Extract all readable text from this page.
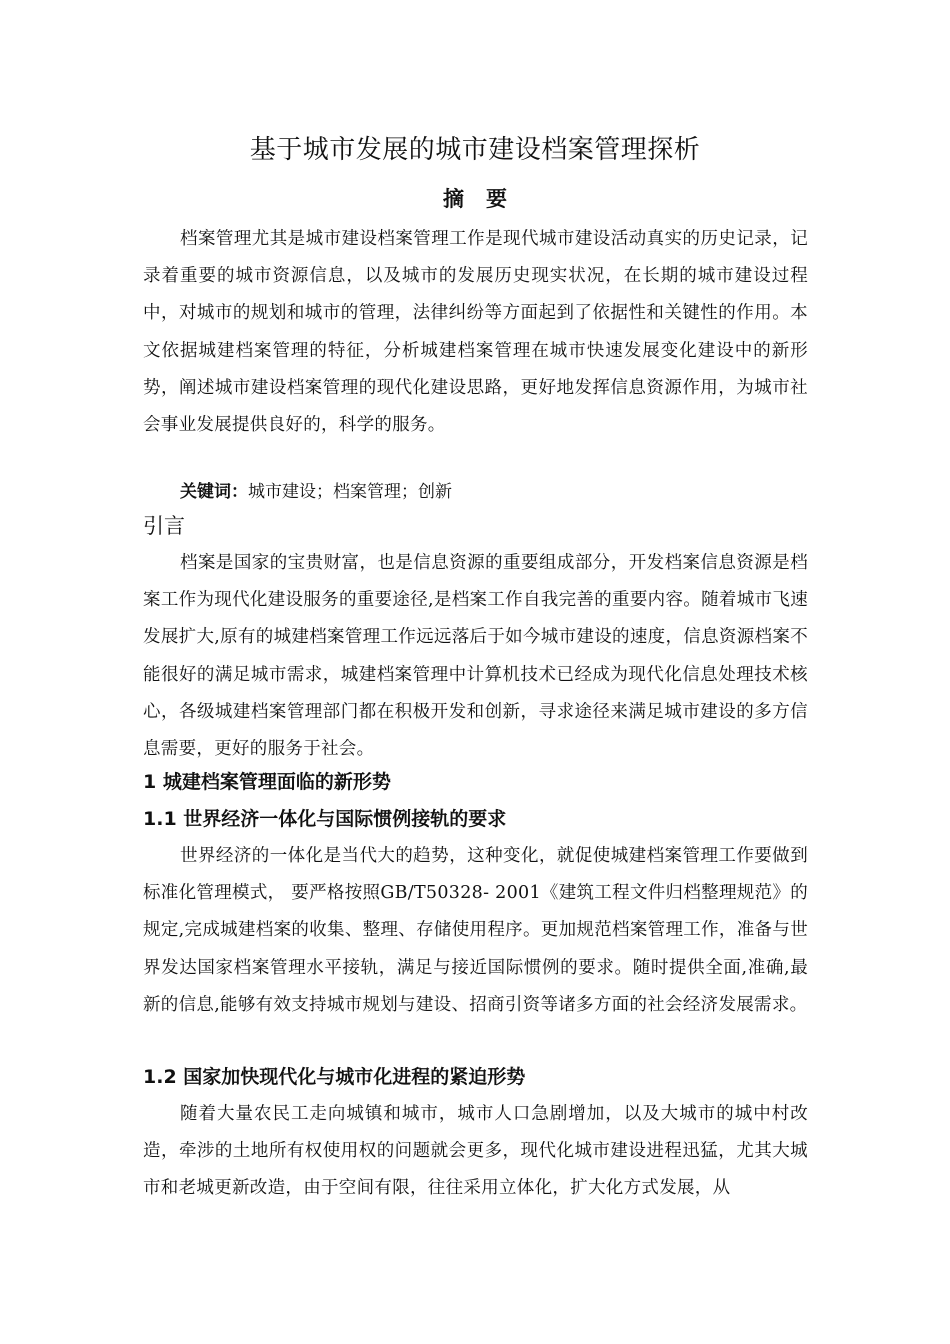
基于城市发展的城市建设档案管理探析
摘要

档案管理尤其是城市建设档案管理工作是现代城市建设活动真实的历史记录，记录着重要的城市资源信息，以及城市的发展历史现实状况，在长期的城市建设过程中，对城市的规划和城市的管理，法律纠纷等方面起到了依据性和关键性的作用。本文依据城建档案管理的特征，分析城建档案管理在城市快速发展变化建设中的新形势，阐述城市建设档案管理的现代化建设思路，更好地发挥信息资源作用，为城市社会事业发展提供良好的，科学的服务。

关键词：城市建设；档案管理；创新
引言

档案是国家的宝贵财富，也是信息资源的重要组成部分，开发档案信息资源是档案工作为现代化建设服务的重要途径,是档案工作自我完善的重要内容。随着城市飞速发展扩大,原有的城建档案管理工作远远落后于如今城市建设的速度，信息资源档案不能很好的满足城市需求，城建档案管理中计算机技术已经成为现代化信息处理技术核心，各级城建档案管理部门都在积极开发和创新，寻求途径来满足城市建设的多方信息需要，更好的服务于社会。

1 城建档案管理面临的新形势
1.1 世界经济一体化与国际惯例接轨的要求

世界经济的一体化是当代大的趋势，这种变化，就促使城建档案管理工作要做到标准化管理模式， 要严格按照GB/T50328- 2001《建筑工程文件归档整理规范》的规定,完成城建档案的收集、整理、存储使用程序。更加规范档案管理工作，准备与世界发达国家档案管理水平接轨，满足与接近国际惯例的要求。随时提供全面,准确,最新的信息,能够有效支持城市规划与建设、招商引资等诸多方面的社会经济发展需求。

1.2 国家加快现代化与城市化进程的紧迫形势

随着大量农民工走向城镇和城市，城市人口急剧增加，以及大城市的城中村改造，牵涉的土地所有权使用权的问题就会更多，现代化城市建设进程迅猛，尤其大城市和老城更新改造，由于空间有限，往往采用立体化，扩大化方式发展，从
